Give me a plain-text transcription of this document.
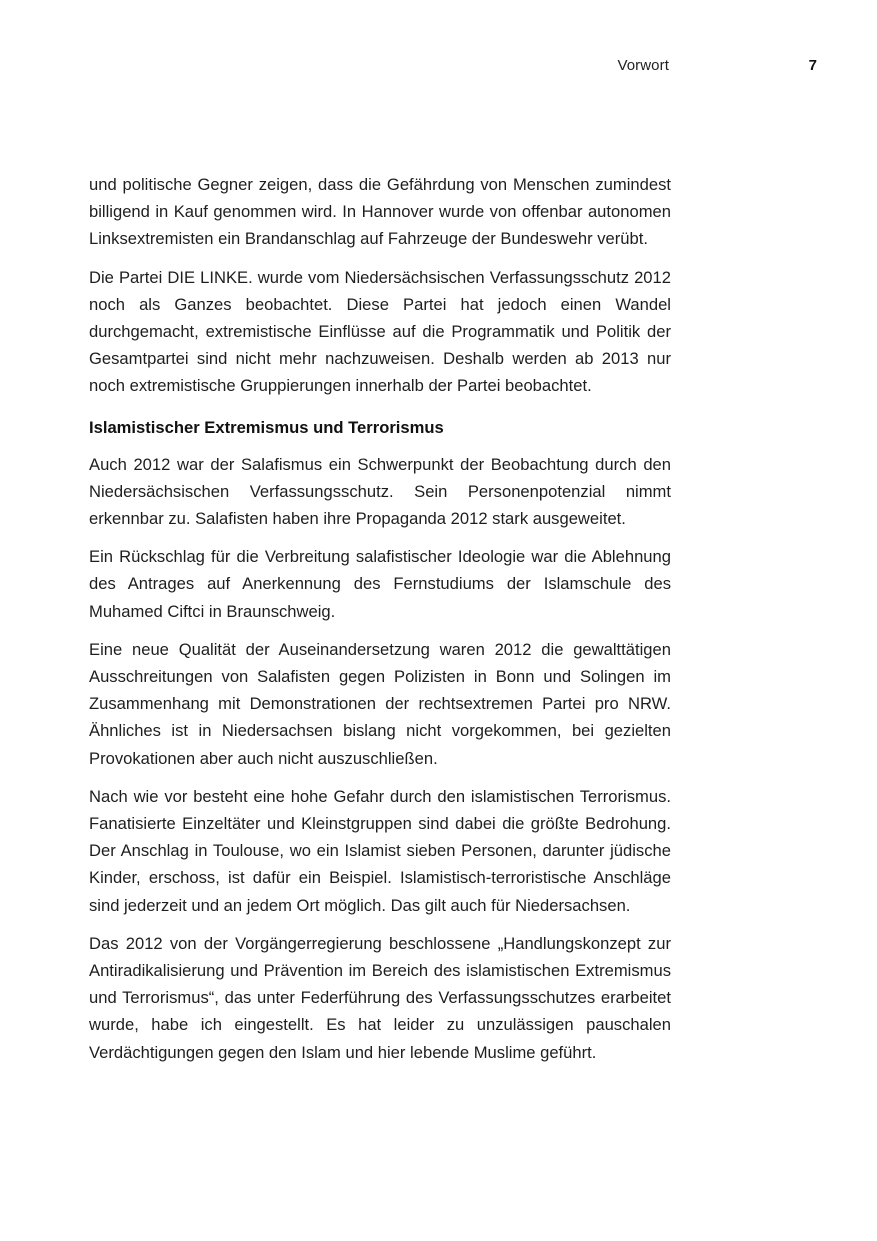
Vorwort	7

und politische Gegner zeigen, dass die Gefährdung von Menschen zumindest billigend in Kauf genommen wird. In Hannover wurde von offenbar autonomen Linksextremisten ein Brandanschlag auf Fahrzeuge der Bundeswehr verübt.

Die Partei DIE LINKE. wurde vom Niedersächsischen Verfassungsschutz 2012 noch als Ganzes beobachtet. Diese Partei hat jedoch einen Wandel durchgemacht, extremistische Einflüsse auf die Programmatik und Politik der Gesamtpartei sind nicht mehr nachzuweisen. Deshalb werden ab 2013 nur noch extremistische Gruppierungen innerhalb der Partei beobachtet.

Islamistischer Extremismus und Terrorismus

Auch 2012 war der Salafismus ein Schwerpunkt der Beobachtung durch den Niedersächsischen Verfassungsschutz. Sein Personenpotenzial nimmt erkennbar zu. Salafisten haben ihre Propaganda 2012 stark ausgeweitet.

Ein Rückschlag für die Verbreitung salafistischer Ideologie war die Ablehnung des Antrages auf Anerkennung des Fernstudiums der Islamschule des Muhamed Ciftci in Braunschweig.

Eine neue Qualität der Auseinandersetzung waren 2012 die gewalttätigen Ausschreitungen von Salafisten gegen Polizisten in Bonn und Solingen im Zusammenhang mit Demonstrationen der rechtsextremen Partei pro NRW. Ähnliches ist in Niedersachsen bislang nicht vorgekommen, bei gezielten Provokationen aber auch nicht auszuschließen.

Nach wie vor besteht eine hohe Gefahr durch den islamistischen Terrorismus. Fanatisierte Einzeltäter und Kleinstgruppen sind dabei die größte Bedrohung. Der Anschlag in Toulouse, wo ein Islamist sieben Personen, darunter jüdische Kinder, erschoss, ist dafür ein Beispiel. Islamistisch-terroristische Anschläge sind jederzeit und an jedem Ort möglich. Das gilt auch für Niedersachsen.

Das 2012 von der Vorgängerregierung beschlossene „Handlungskonzept zur Antiradikalisierung und Prävention im Bereich des islamistischen Extremismus und Terrorismus“, das unter Federführung des Verfassungsschutzes erarbeitet wurde, habe ich eingestellt. Es hat leider zu unzulässigen pauschalen Verdächtigungen gegen den Islam und hier lebende Muslime geführt.
